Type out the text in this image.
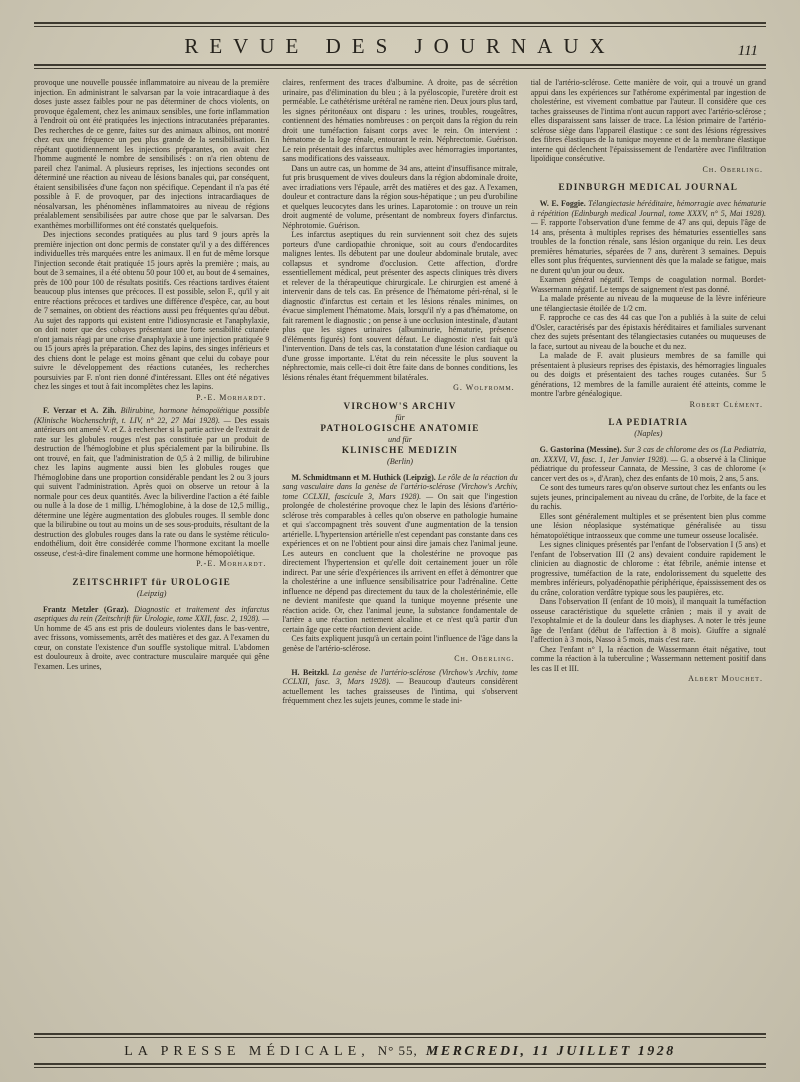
REVUE DES JOURNAUX	111

provoque une nouvelle poussée inflammatoire au niveau de la première injection. En administrant le salvarsan par la voie intracardiaque à des doses juste assez faibles pour ne pas déterminer de chocs violents, on provoque également, chez les animaux sensibles, une forte inflammation à l'endroit où ont été pratiquées les injections intracutanées préparantes. Des recherches de ce genre, faites sur des animaux albinos, ont montré chez eux une fréquence un peu plus grande de la sensibilisation. En répétant quotidiennement les injections préparantes, on avait chez l'homme augmenté le nombre de sensibilisés : on n'a rien obtenu de pareil chez l'animal. A plusieurs reprises, les injections secondes ont déterminé une réaction au niveau de lésions banales qui, par conséquent, étaient sensibilisées d'une façon non spécifique. Cependant il n'a pas été possible à F. de provoquer, par des injections intracardiaques de néosalvarsan, les phénomènes inflammatoires au niveau de régions préalablement sensibilisées par autre chose que par le salvarsan. Des exanthèmes morbilliformes ont été constatés quelquefois.

Des injections secondes pratiquées au plus tard 9 jours après la première injection ont donc permis de constater qu'il y a des différences individuelles très marquées entre les animaux. Il en fut de même lorsque l'injection seconde était pratiquée 15 jours après la première ; mais, au bout de 3 semaines, il a été obtenu 50 pour 100 et, au bout de 4 semaines, près de 100 pour 100 de résultats positifs. Ces réactions tardives étaient beaucoup plus intenses que précoces. Il est possible, selon F., qu'il y ait entre réactions précoces et tardives une différence d'espèce, car, au bout de 7 semaines, on obtient des réactions aussi peu fréquentes qu'au début. Au sujet des rapports qui existent entre l'idiosyncrasie et l'anaphylaxie, on doit noter que des cobayes présentant une forte sensibilité cutanée n'ont jamais réagi par une crise d'anaphylaxie à une injection pratiquée 9 ou 15 jours après la préparation. Chez des lapins, des singes inférieurs et des chiens dont le pelage est moins gênant que celui du cobaye pour suivre le développement des réactions cutanées, les recherches poursuivies par F. n'ont rien donné d'intéressant. Elles ont été négatives chez les singes et tout à fait incomplètes chez les lapins.

P.-E. Morhardt.

F. Verzar et A. Zih. Bilirubine, hormone hémopoïétique possible (Klinische Wochenschrift, t. LIV, n° 22, 27 Mai 1928). — Des essais antérieurs ont amené V. et Z. à rechercher si la partie active de l'extrait de rate sur les globules rouges n'est pas constituée par un produit de destruction de l'hémoglobine et plus spécialement par la bilirubine. Ils ont trouvé, en fait, que l'administration de 0,5 à 2 millig. de bilirubine chez les lapins augmente aussi bien les globules rouges que l'hémoglobine dans une proportion considérable pendant les 2 ou 3 jours qui suivent l'administration. Après quoi on observe un retour à la normale pour ces deux quantités. Avec la biliverdine l'action a été faible ou nulle à la dose de 1 millig. L'hémoglobine, à la dose de 12,5 millig., détermine une légère augmentation des globules rouges. Il semble donc que la bilirubine ou tout au moins un de ses sous-produits, résultant de la destruction des globules rouges dans la rate ou dans le système réticulo-endothélium, doit être considérée comme l'hormone excitant la moelle osseuse, c'est-à-dire finalement comme une hormone hémopoïétique.

P.-E. Morhardt.
ZEITSCHRIFT für UROLOGIE
(Leipzig)

Frantz Metzler (Graz). Diagnostic et traitement des infarctus aseptiques du rein (Zeitschrift für Urologie, tome XXII, fasc. 2, 1928). — Un homme de 45 ans est pris de douleurs violentes dans le bas-ventre, avec frissons, vomissements, arrêt des matières et des gaz. A l'examen du cœur, on constate l'existence d'un souffle systolique mitral. L'abdomen est douloureux à droite, avec contracture musculaire marquée qui gêne l'examen. Les urines,

claires, renferment des traces d'albumine. A droite, pas de sécrétion urinaire, pas d'élimination du bleu ; à la pyéloscopie, l'uretère droit est perméable. Le cathétérisme urétéral ne ramène rien. Deux jours plus tard, les signes péritonéaux ont disparu : les urines, troubles, rougeâtres, contiennent des hématies nombreuses : on perçoit dans la région du rein droit une tuméfaction faisant corps avec le rein. On intervient : hématome de la loge rénale, entourant le rein. Néphrectomie. Guérison. Le rein présentait des infarctus multiples avec hémorragies importantes, sans modifications des vaisseaux.

Dans un autre cas, un homme de 34 ans, atteint d'insuffisance mitrale, fut pris brusquement de vives douleurs dans la région abdominale droite, avec irradiations vers l'épaule, arrêt des matières et des gaz. A l'examen, douleur et contracture dans la région sous-hépatique ; un peu d'urobiline et quelques leucocytes dans les urines. Laparotomie : on trouve un rein droit augmenté de volume, présentant de nombreux foyers d'infarctus. Néphrotomie. Guérison.

Les infarctus aseptiques du rein surviennent soit chez des sujets porteurs d'une cardiopathie chronique, soit au cours d'endocardites malignes lentes. Ils débutent par une douleur abdominale brutale, avec collapsus et syndrome d'occlusion. Cette affection, d'ordre essentiellement médical, peut présenter des aspects cliniques très divers et relever de la thérapeutique chirurgicale. Le chirurgien est amené à intervenir dans de tels cas. En présence de l'hématome péri-rénal, si le diagnostic d'infarctus est certain et les lésions rénales minimes, on évacue simplement l'hématome. Mais, lorsqu'il n'y a pas d'hématome, on fait rarement le diagnostic ; on pense à une occlusion intestinale, d'autant plus que les signes urinaires (albuminurie, hématurie, présence d'éléments figurés) font souvent défaut. Le diagnostic n'est fait qu'à l'intervention. Dans de tels cas, la constatation d'une lésion cardiaque ou d'une grosse importante. L'état du rein nécessite le plus souvent la néphrectomie, mais celle-ci doit être faite dans de bonnes conditions, les lésions rénales étant fréquemment bilatérales.

G. Wolfromm.
VIRCHOW'S ARCHIV
für
PATHOLOGISCHE ANATOMIE
und für
KLINISCHE MEDIZIN
(Berlin)

M. Schmidtmann et M. Huthick (Leipzig). Le rôle de la réaction du sang vasculaire dans la genèse de l'artério-sclérose (Virchow's Archiv, tome CCLXII, fascicule 3, Mars 1928). — On sait que l'ingestion prolongée de cholestérine provoque chez le lapin des lésions d'artério-sclérose très comparables à celles qu'on observe en pathologie humaine et qui s'accompagnent très souvent d'une augmentation de la tension artérielle. L'hypertension artérielle n'est cependant pas constante dans ces expériences et on ne l'obtient pour ainsi dire jamais chez l'animal jeune. Les auteurs en concluent que la cholestérine ne provoque pas directement l'hypertension et qu'elle doit certainement jouer un rôle indirect. Par une série d'expériences ils arrivent en effet à démontrer que la cholestérine a une influence sensibilisatrice pour l'adrénaline. Cette influence ne dépend pas directement du taux de la cholestérinémie, elle ne devient manifeste que quand la tunique moyenne présente une réaction acide. Or, chez l'animal jeune, la substance fondamentale de l'artère a une réaction nettement alcaline et ce n'est qu'à partir d'un certain âge que cette réaction devient acide.

Ces faits expliquent jusqu'à un certain point l'influence de l'âge dans la genèse de l'artério-sclérose.

Ch. Oberling.

H. Beitzkl. La genèse de l'artério-sclérose (Virchow's Archiv, tome CCLXII, fasc. 3, Mars 1928). — Beaucoup d'auteurs considèrent actuellement les taches graisseuses de l'intima, qui s'observent fréquemment chez les sujets jeunes, comme le stade ini-

tial de l'artério-sclérose. Cette manière de voir, qui a trouvé un grand appui dans les expériences sur l'athérome expérimental par ingestion de cholestérine, est vivement combattue par l'auteur. Il considère que ces taches graisseuses de l'intima n'ont aucun rapport avec l'artério-sclérose ; elles disparaissent sans laisser de trace. La lésion primaire de l'artério-sclérose siège dans l'appareil élastique : ce sont des lésions régressives des fibres élastiques de la tunique moyenne et de la membrane élastique interne qui déclenchent l'épaississement de l'endartère avec l'infiltration lipoïdique consécutive.

Ch. Oberling.
EDINBURGH MEDICAL JOURNAL

W. E. Foggie. Télangiectasie héréditaire, hémorragie avec hématurie à répétition (Edinburgh medical Journal, tome XXXV, n° 5, Mai 1928). — F. rapporte l'observation d'une femme de 47 ans qui, depuis l'âge de 14 ans, présenta à multiples reprises des hématuries essentielles sans troubles de la fonction rénale, sans lésion organique du rein. Les deux premières hématuries, séparées de 7 ans, durèrent 3 semaines. Depuis elles sont plus fréquentes, surviennent dès que la malade se fatigue, mais ne durent qu'un jour ou deux.

Examen général négatif. Temps de coagulation normal. Bordet-Wassermann négatif. Le temps de saignement n'est pas donné.

La malade présente au niveau de la muqueuse de la lèvre inférieure une télangiectasie étoilée de 1/2 cm.

F. rapproche ce cas des 44 cas que l'on a publiés à la suite de celui d'Osler, caractérisés par des épistaxis héréditaires et familiales survenant chez des sujets présentant des télangiectasies cutanées ou muqueuses de la face, surtout au niveau de la bouche et du nez.

La malade de F. avait plusieurs membres de sa famille qui présentaient à plusieurs reprises des épistaxis, des hémorragies linguales ou des doigts et présentaient des taches rouges cutanées. Sur 5 générations, 12 membres de la famille auraient été atteints, comme le montre l'arbre généalogique.

Robert Clément.
LA PEDIATRIA
(Naples)

G. Gastorina (Messine). Sur 3 cas de chlorome des os (La Pediatria, an. XXXVI, VI, fasc. 1, 1er Janvier 1928). — G. a observé à la Clinique pédiatrique du professeur Cannata, de Messine, 3 cas de chlorome (« cancer vert des os », d'Aran), chez des enfants de 10 mois, 2 ans, 5 ans.

Ce sont des tumeurs rares qu'on observe surtout chez les enfants ou les sujets jeunes, principalement au niveau du crâne, de l'orbite, de la face et du rachis.

Elles sont généralement multiples et se présentent bien plus comme une lésion néoplasique systématique généralisée au tissu hématopoïétique intraosseux que comme une tumeur osseuse localisée.

Les signes cliniques présentés par l'enfant de l'observation I (5 ans) et l'enfant de l'observation III (2 ans) devaient conduire rapidement le clinicien au diagnostic de chlorome : état fébrile, anémie intense et progressive, tuméfaction de la rate, endolorissement du squelette des membres inférieurs, polyadénopathie périphérique, épaississement des os du crâne, coloration verdâtre typique sous les paupières, etc.

Dans l'observation II (enfant de 10 mois), il manquait la tuméfaction osseuse caractéristique du squelette crânien ; mais il y avait de l'exophtalmie et de la douleur dans les diaphyses. A noter le très jeune âge de l'enfant (début de l'affection à 8 mois). Giuffre a signalé l'affection à 3 mois, Nasso à 5 mois, mais c'est rare.

Chez l'enfant n° I, la réaction de Wassermann était négative, tout comme la réaction à la tuberculine ; Wassermann nettement positif dans les cas II et III.

Albert Mouchet.
LA PRESSE MÉDICALE, N° 55, MERCREDI, 11 JUILLET 1928
